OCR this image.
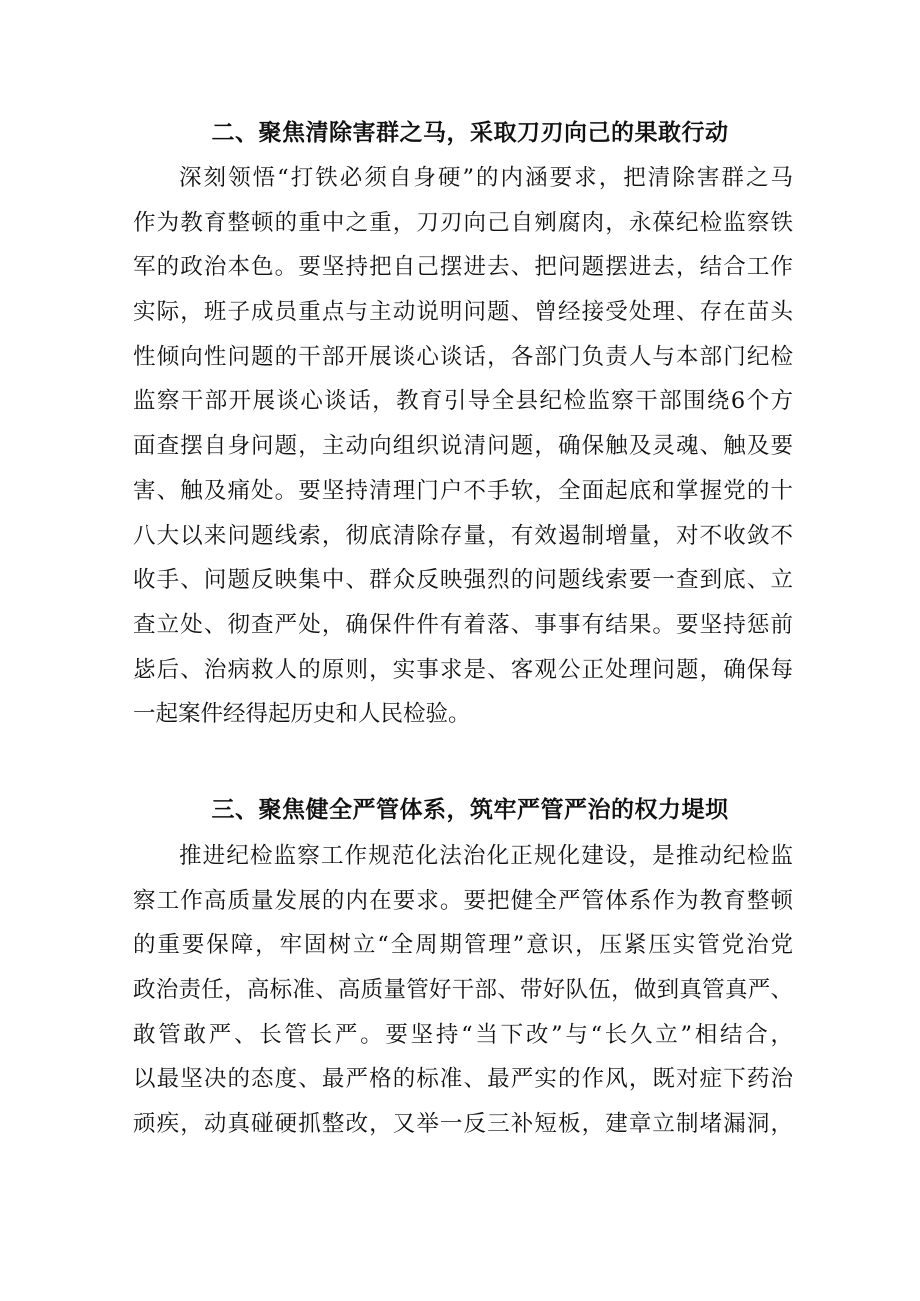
二、聚焦清除害群之马，采取刀刃向己的果敢行动
深刻领悟“打铁必须自身硬”的内涵要求，把清除害群之马
作为教育整顿的重中之重，刀刃向己自剜腐肉，永葆纪检监察铁
军的政治本色。要坚持把自己摆进去、把问题摆进去，结合工作
实际，班子成员重点与主动说明问题、曾经接受处理、存在苗头
性倾向性问题的干部开展谈心谈话，各部门负责人与本部门纪检
监察干部开展谈心谈话，教育引导全县纪检监察干部围绕6个方
面查摆自身问题，主动向组织说清问题，确保触及灵魂、触及要
害、触及痛处。要坚持清理门户不手软，全面起底和掌握党的十
八大以来问题线索，彻底清除存量，有效遏制增量，对不收敛不
收手、问题反映集中、群众反映强烈的问题线索要一查到底、立
查立处、彻查严处，确保件件有着落、事事有结果。要坚持惩前
毖后、治病救人的原则，实事求是、客观公正处理问题，确保每
一起案件经得起历史和人民检验。
三、聚焦健全严管体系，筑牢严管严治的权力堤坝
推进纪检监察工作规范化法治化正规化建设，是推动纪检监
察工作高质量发展的内在要求。要把健全严管体系作为教育整顿
的重要保障，牢固树立“全周期管理”意识，压紧压实管党治党
政治责任，高标准、高质量管好干部、带好队伍，做到真管真严、
敢管敢严、长管长严。要坚持“当下改”与“长久立”相结合，
以最坚决的态度、最严格的标准、最严实的作风，既对症下药治
顽疾，动真碰硬抓整改，又举一反三补短板，建章立制堵漏洞，
